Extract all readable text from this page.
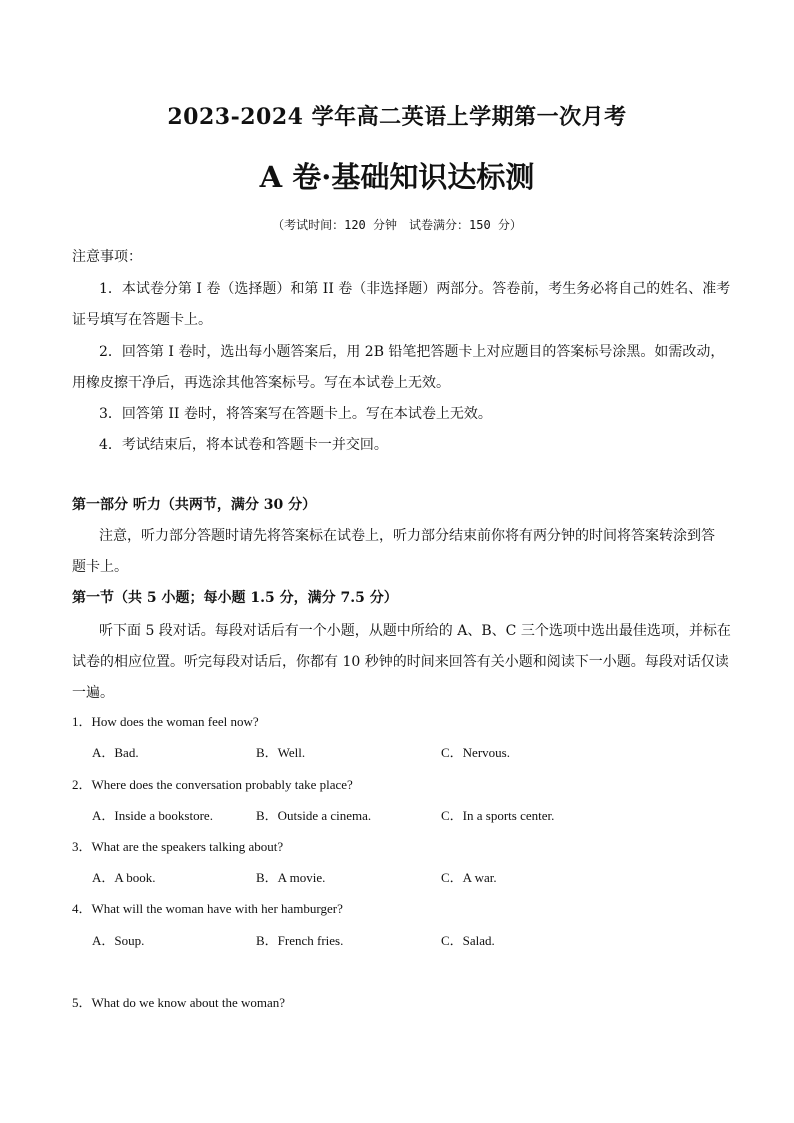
2023-2024 学年高二英语上学期第一次月考
A 卷·基础知识达标测
（考试时间：120 分钟　试卷满分：150 分）
注意事项：
1．本试卷分第 I 卷（选择题）和第 II 卷（非选择题）两部分。答卷前，考生务必将自己的姓名、准考
证号填写在答题卡上。
2．回答第 I 卷时，选出每小题答案后，用 2B 铅笔把答题卡上对应题目的答案标号涂黑。如需改动，
用橡皮擦干净后，再选涂其他答案标号。写在本试卷上无效。
3．回答第 II 卷时，将答案写在答题卡上。写在本试卷上无效。
4．考试结束后，将本试卷和答题卡一并交回。
第一部分 听力（共两节，满分 30 分）
注意，听力部分答题时请先将答案标在试卷上，听力部分结束前你将有两分钟的时间将答案转涂到答
题卡上。
第一节（共 5 小题；每小题 1.5 分，满分 7.5 分）
听下面 5 段对话。每段对话后有一个小题，从题中所给的 A、B、C 三个选项中选出最佳选项，并标在
试卷的相应位置。听完每段对话后，你都有 10 秒钟的时间来回答有关小题和阅读下一小题。每段对话仅读
一遍。
1．How does the woman feel now?
A．Bad.	B．Well.	C．Nervous.
2．Where does the conversation probably take place?
A．Inside a bookstore.	B．Outside a cinema.	C．In a sports center.
3．What are the speakers talking about?
A．A book.	B．A movie.	C．A war.
4．What will the woman have with her hamburger?
A．Soup.	B．French fries.	C．Salad.
5．What do we know about the woman?
